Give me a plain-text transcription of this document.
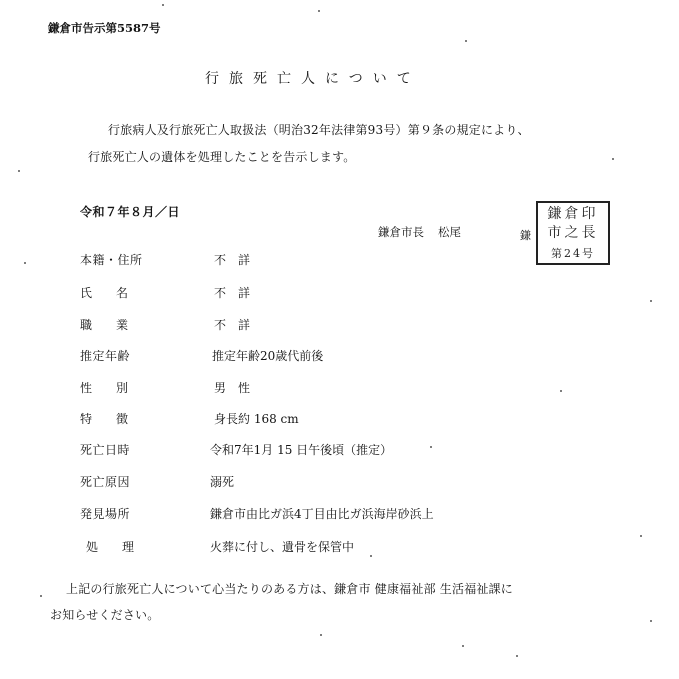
鎌倉市告示第5587号
行旅死亡人について
行旅病人及行旅死亡人取扱法（明治32年法律第93号）第９条の規定により、
行旅死亡人の遺体を処理したことを告示します。
令和７年８月／日
鎌倉市長 松尾	鎌
鎌倉印
市之長
第24号
本籍・住所	不　詳
氏名	不　詳
職業	不　詳
推定年齢	推定年齢20歳代前後
性別	男　性
特徴	身長約 168 cm
死亡日時	令和7年1月 15 日午後頃（推定）
死亡原因	溺死
発見場所	鎌倉市由比ガ浜4丁目由比ガ浜海岸砂浜上
処理	火葬に付し、遺骨を保管中
上記の行旅死亡人について心当たりのある方は、鎌倉市 健康福祉部 生活福祉課に
お知らせください。
